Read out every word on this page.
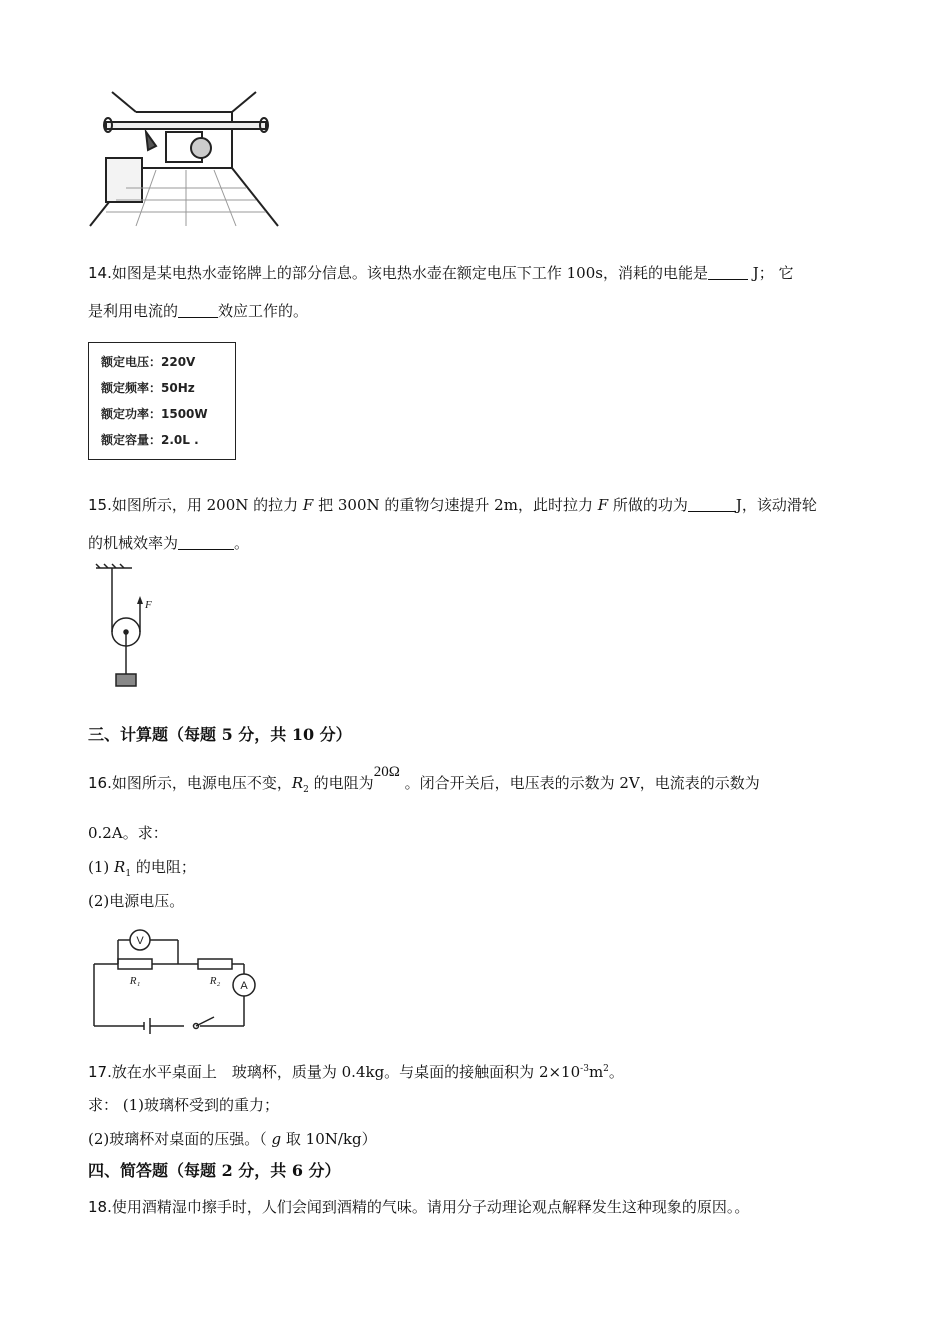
14.如图是某电热水壶铭牌上的部分信息。该电热水壶在额定电压下工作 100s，消耗的电能是	J； 它
是利用电流的	效应工作的。
额定电压：220V
额定频率：50Hz
额定功率：1500W
额定容量：2.0L .
15.如图所示，用 200N 的拉力 F 把 300N 的重物匀速提升 2m，此时拉力 F 所做的功为	J，该动滑轮
的机械效率为	。
F
三、计算题（每题 5 分，共 10 分）
16.如图所示，电源电压不变，$R_2$ 的电阻为20Ω 。闭合开关后，电压表的示数为 2V，电流表的示数为
0.2A。求：
(1) $R_1$ 的电阻；
(2)电源电压。
V
A
R₁	R₂
17.放在水平桌面上　玻璃杯，质量为 0.4kg。与桌面的接触面积为 $2\times 10^{-3}m^2$。
求： (1)玻璃杯受到的重力；
(2)玻璃杯对桌面的压强。（ g 取 10N/kg）
四、简答题（每题 2 分，共 6 分）
18.使用酒精湿巾擦手时，人们会闻到酒精的气味。请用分子动理论观点解释发生这种现象的原因。。
